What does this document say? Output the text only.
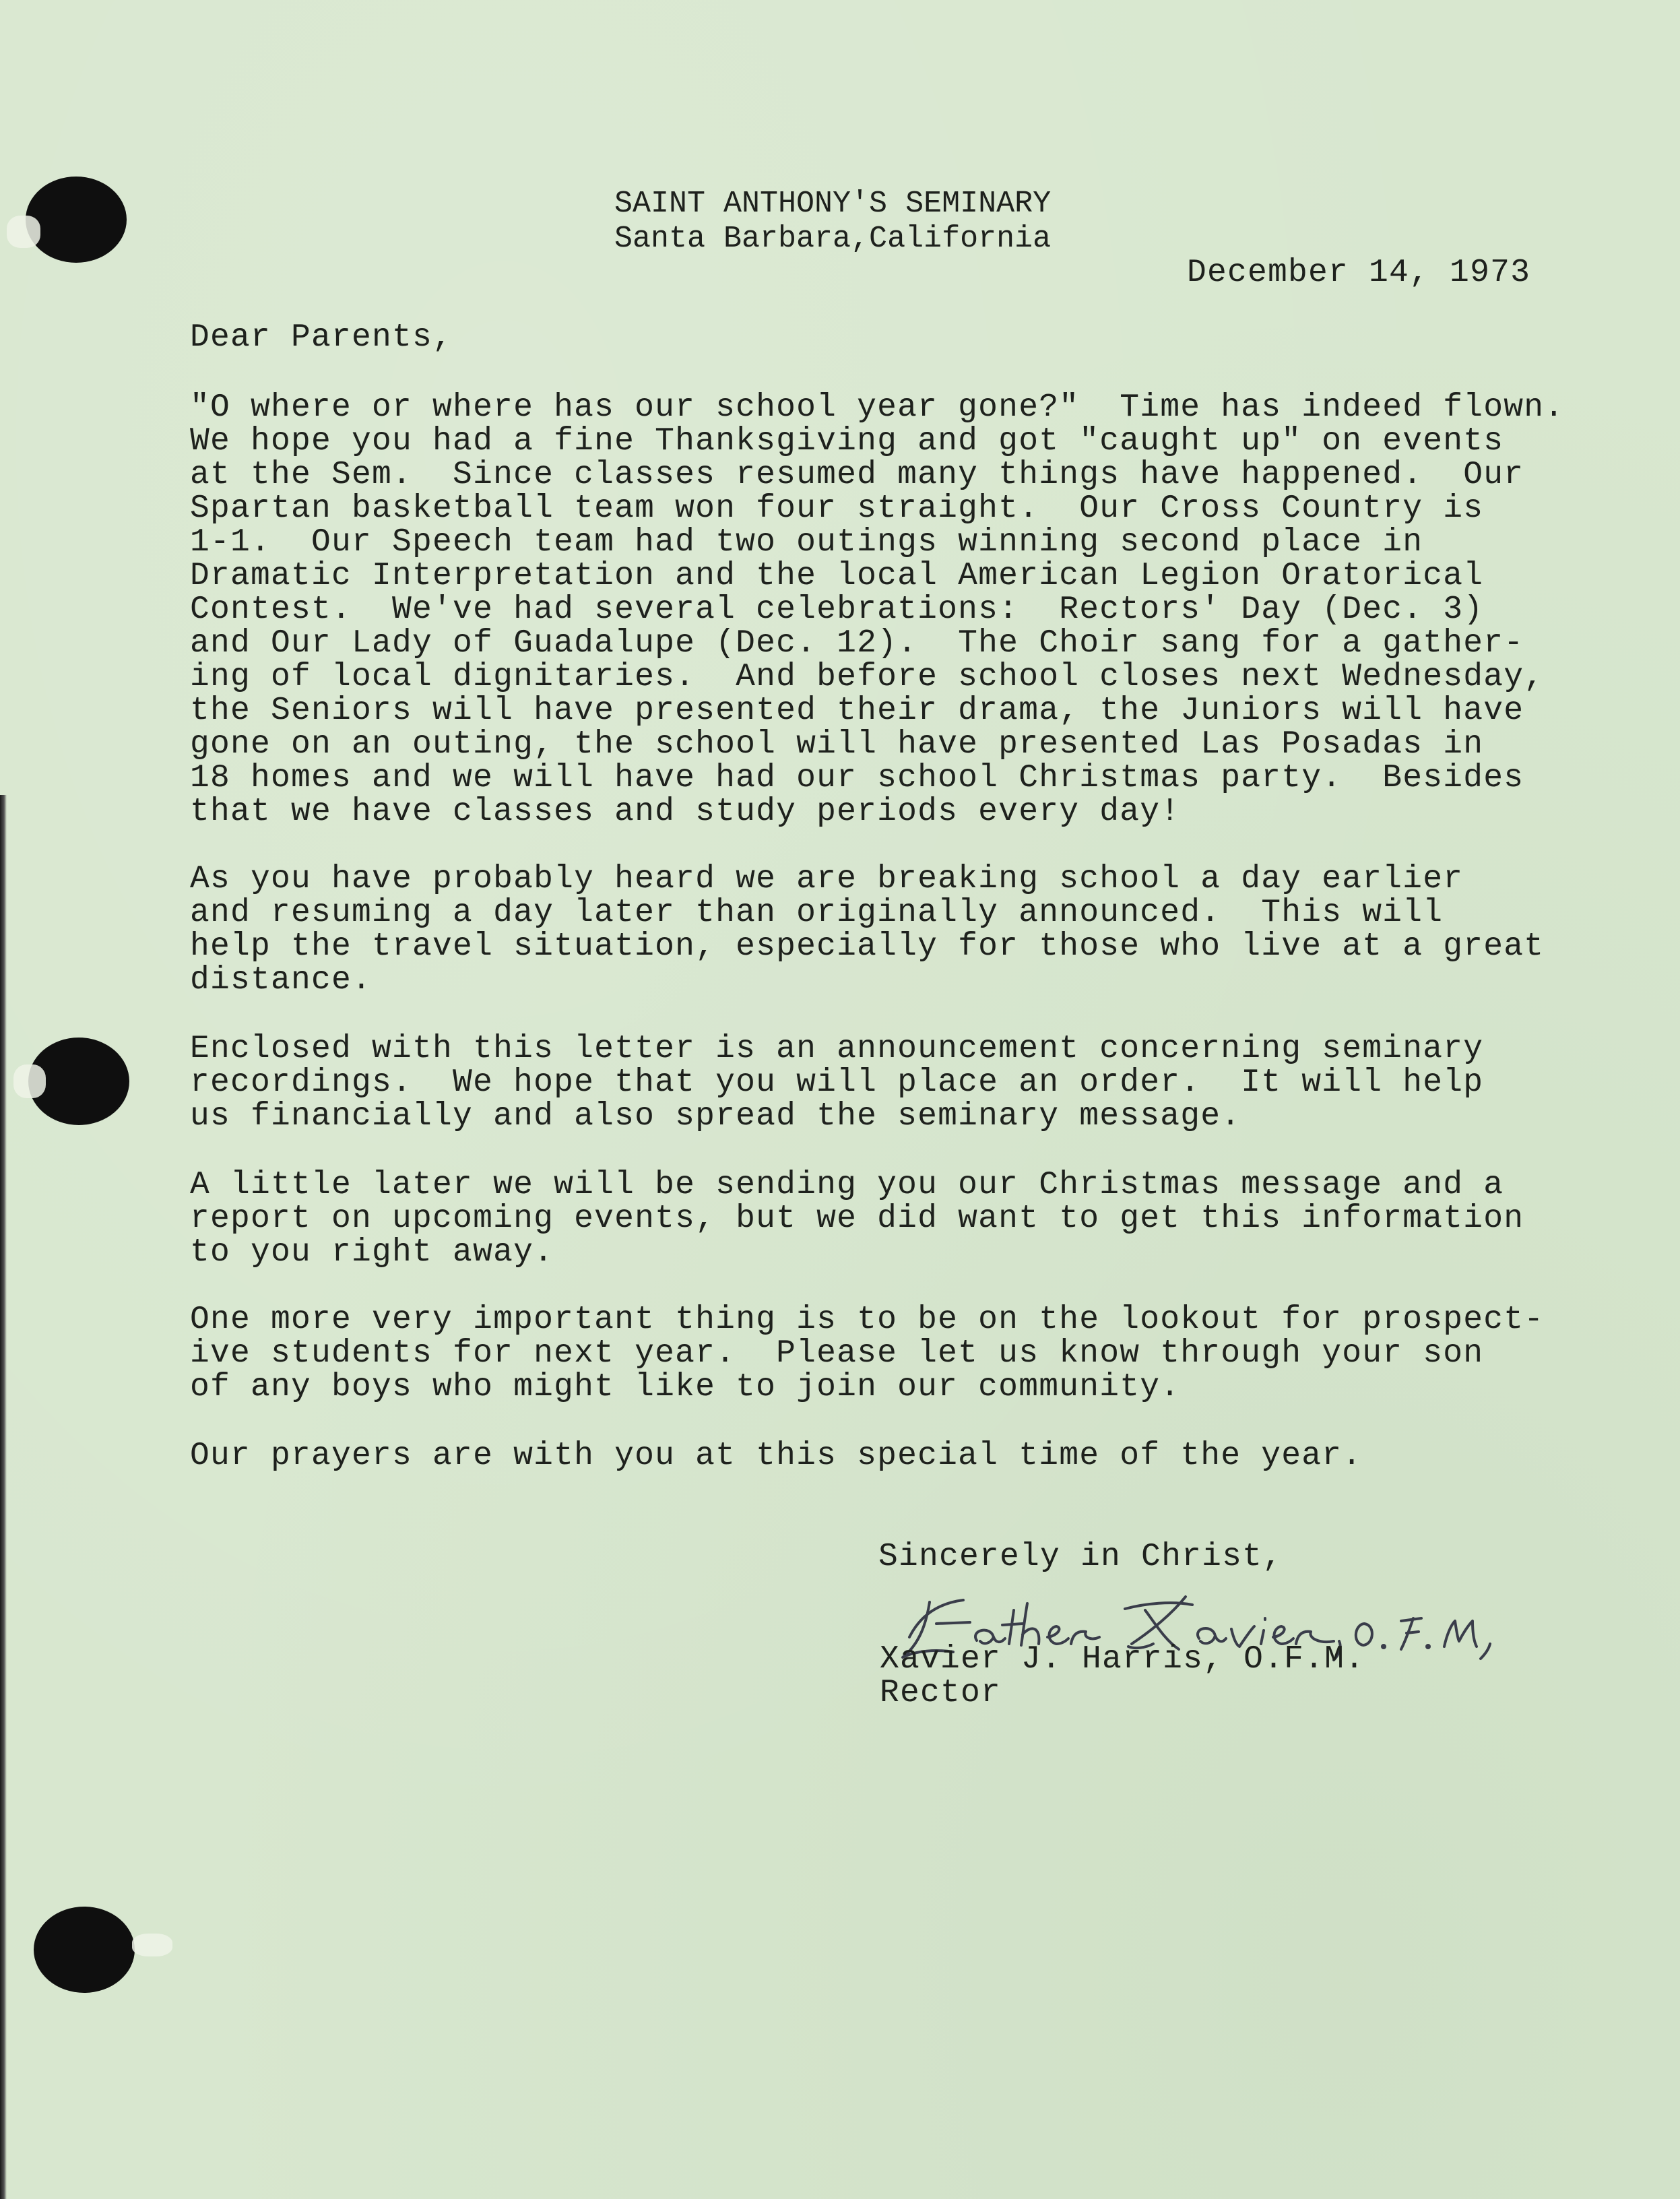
SAINT ANTHONY'S SEMINARY
Santa Barbara,California
December 14, 1973
Dear Parents,
"O where or where has our school year gone?"  Time has indeed flown.
We hope you had a fine Thanksgiving and got "caught up" on events
at the Sem.  Since classes resumed many things have happened.  Our
Spartan basketball team won four straight.  Our Cross Country is
1-1.  Our Speech team had two outings winning second place in
Dramatic Interpretation and the local American Legion Oratorical
Contest.  We've had several celebrations:  Rectors' Day (Dec. 3)
and Our Lady of Guadalupe (Dec. 12).  The Choir sang for a gather-
ing of local dignitaries.  And before school closes next Wednesday,
the Seniors will have presented their drama, the Juniors will have
gone on an outing, the school will have presented Las Posadas in
18 homes and we will have had our school Christmas party.  Besides
that we have classes and study periods every day!
As you have probably heard we are breaking school a day earlier
and resuming a day later than originally announced.  This will
help the travel situation, especially for those who live at a great
distance.
Enclosed with this letter is an announcement concerning seminary
recordings.  We hope that you will place an order.  It will help
us financially and also spread the seminary message.
A little later we will be sending you our Christmas message and a
report on upcoming events, but we did want to get this information
to you right away.
One more very important thing is to be on the lookout for prospect-
ive students for next year.  Please let us know through your son
of any boys who might like to join our community.
Our prayers are with you at this special time of the year.
Sincerely in Christ,
Xavier J. Harris, O.F.M.
Rector
